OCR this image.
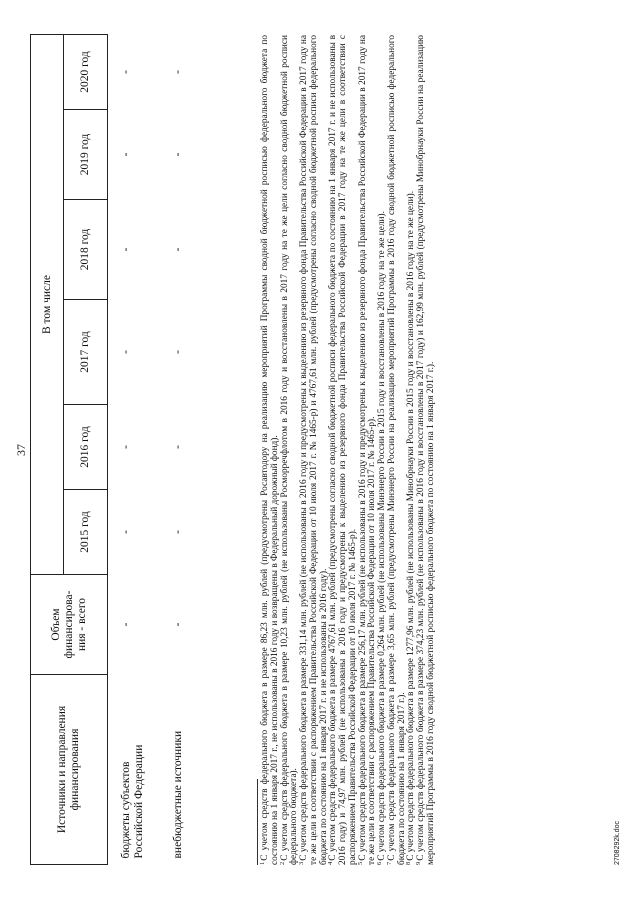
37
Источники и направления финансирования	Объем финансирова- ния - всего	В том числе					
		2015 год	2016 год	2017 год	2018 год	2019 год	2020 год

бюджеты субъектов Российской Федерации	-	-	-	-	-	-	-

внебюджетные источники	-	-	-	-	-	-	-

$^1$С учетом средств федерального бюджета в размере 86,23 млн. рублей (предусмотрены Росавтодору на реализацию мероприятий Программы сводной бюджетной росписью федерального бюджета по состоянию на 1 января 2017 г., не использованы в 2016 году и возвращены в Федеральный дорожный фонд).

$^2$С учетом средств федерального бюджета в размере 10,23 млн. рублей (не использованы Росморречфлотом в 2016 году и восстановлены в 2017 году на те же цели согласно сводной бюджетной росписи федерального бюджета).

$^3$С учетом средств федерального бюджета в размере 331,14 млн. рублей (не использованы в 2016 году и предусмотрены к выделению из резервного фонда Правительства Российской Федерации в 2017 году на те же цели в соответствии с распоряжением Правительства Российской Федерации от 10 июля 2017 г. № 1465-р) и 4767,61 млн. рублей (предусмотрены согласно сводной бюджетной росписи федерального бюджета по состоянию на 1 января 2017 г. и не использованы в 2016 году).

$^4$С учетом средств федерального бюджета в размере 4767,61 млн. рублей (предусмотрены согласно сводной бюджетной росписи федерального бюджета по состоянию на 1 января 2017 г. и не использованы в 2016 году) и 74,97 млн. рублей (не использованы в 2016 году и предусмотрены к выделению из резервного фонда Правительства Российской Федерации в 2017 году на те же цели в соответствии с распоряжением Правительства Российской Федерации от 10 июля 2017 г. № 1465-р).

$^5$С учетом средств федерального бюджета в размере 256,17 млн. рублей (не использованы в 2016 году и предусмотрены к выделению из резервного фонда Правительства Российской Федерации в 2017 году на те же цели в соответствии с распоряжением Правительства Российской Федерации от 10 июля 2017 г. № 1465-р).

$^6$С учетом средств федерального бюджета в размере 0,264 млн. рублей (не использованы Минэнерго России в 2015 году и восстановлены в 2016 году на те же цели).

$^7$С учетом средств федерального бюджета в размере 3,65 млн. рублей (предусмотрены Минэнерго России на реализацию мероприятий Программы в 2016 году сводной бюджетной росписью федерального бюджета по состоянию на 1 января 2017 г.).

$^8$С учетом средств федерального бюджета в размере 1277,96 млн. рублей (не использованы Минобрнауки России в 2015 году и восстановлены в 2016 году на те же цели).

$^9$С учетом средств федерального бюджета в размере 374,23 млн. рублей (не использованы в 2016 году и восстановлены в 2017 году) и 162,99 млн. рублей (предусмотрены Минобрнауки России на реализацию мероприятий Программы в 2016 году сводной бюджетной росписью федерального бюджета по состоянию на 1 января 2017 г.).	2708292k.doc
